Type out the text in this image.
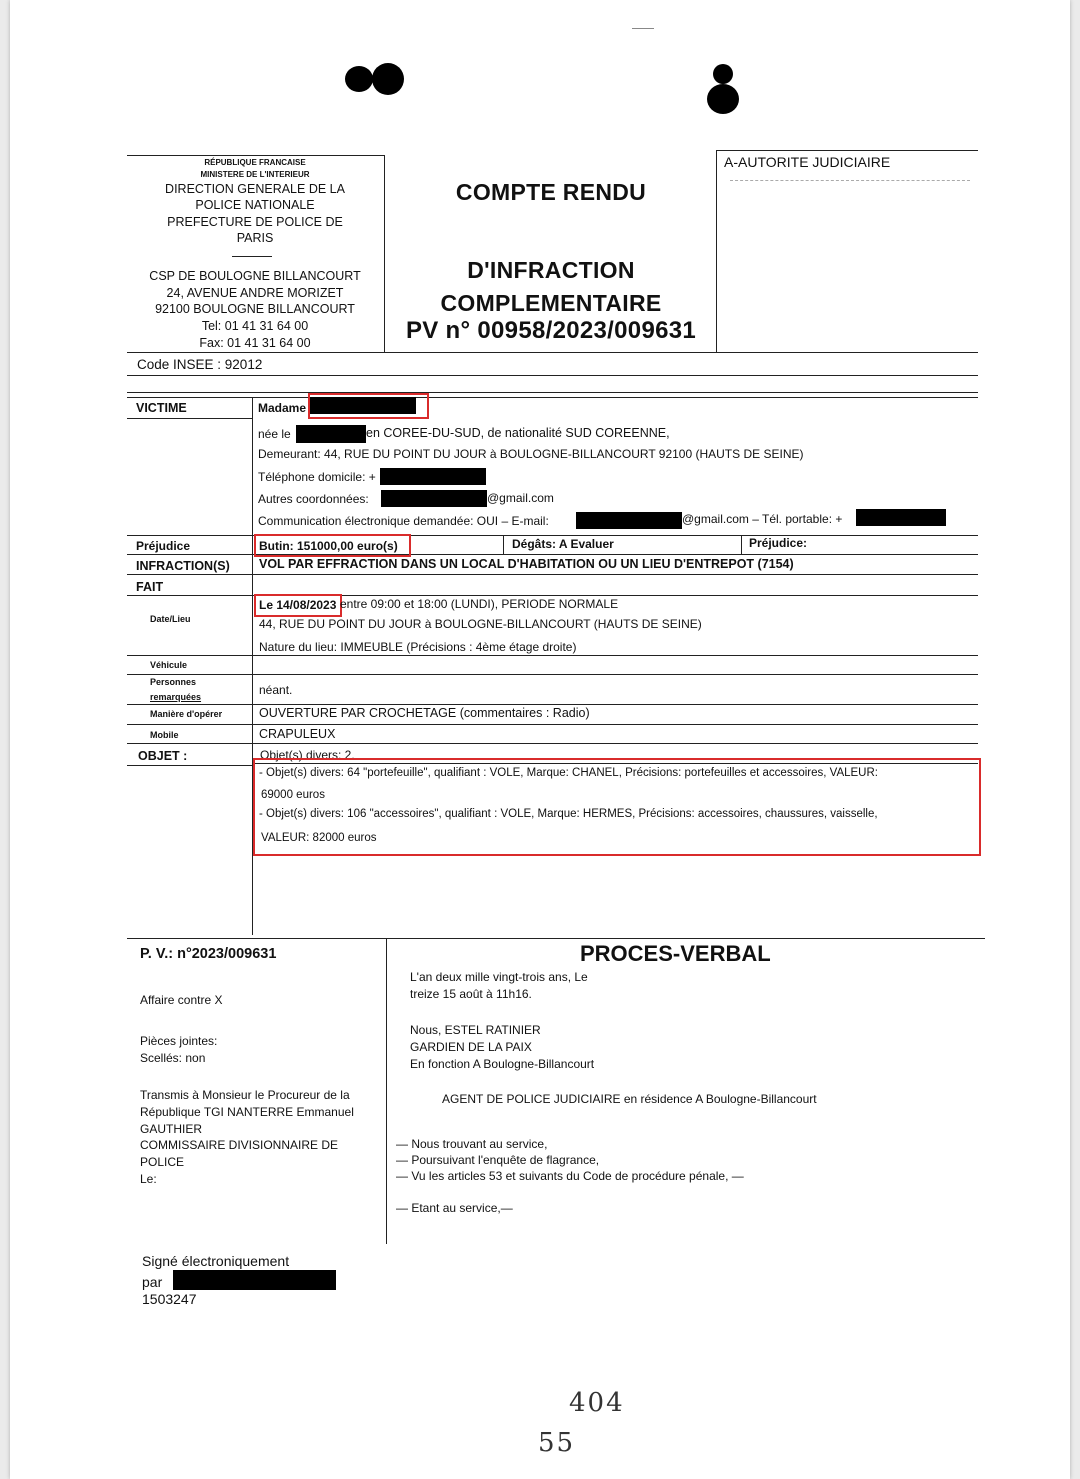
RÉPUBLIQUE FRANCAISE
MINISTERE DE L'INTERIEUR
DIRECTION GENERALE DE LA
POLICE NATIONALE
PREFECTURE DE POLICE DE
PARIS
CSP DE BOULOGNE BILLANCOURT
24, AVENUE ANDRE MORIZET
92100 BOULOGNE BILLANCOURT
Tel: 01 41 31 64 00
Fax: 01 41 31 64 00
Code INSEE : 92012
COMPTE RENDU
D'INFRACTION
COMPLEMENTAIRE
PV n° 00958/2023/009631
A-AUTORITE JUDICIAIRE
VICTIME	Madame
née le	en COREE-DU-SUD, de nationalité SUD COREENNE,
Demeurant: 44, RUE DU POINT DU JOUR à BOULOGNE-BILLANCOURT 92100 (HAUTS DE SEINE)
Téléphone domicile: +
Autres coordonnées:	@gmail.com
Communication électronique demandée: OUI – E-mail:	@gmail.com – Tél. portable: +
Préjudice	Butin: 151000,00 euro(s)	Dégâts: A Evaluer	Préjudice:
INFRACTION(S) VOL PAR EFFRACTION DANS UN LOCAL D'HABITATION OU UN LIEU D'ENTREPOT (7154)
FAIT
Date/Lieu
Le 14/08/2023 entre 09:00 et 18:00 (LUNDI), PERIODE NORMALE
44, RUE DU POINT DU JOUR à BOULOGNE-BILLANCOURT (HAUTS DE SEINE)
Nature du lieu: IMMEUBLE (Précisions : 4ème étage droite)
Véhicule
Personnes
remarquées	néant.
Manière d'opérer	OUVERTURE PAR CROCHETAGE (commentaires : Radio)
Mobile	CRAPULEUX
OBJET :	Objet(s) divers: 2.
- Objet(s) divers: 64 "portefeuille", qualifiant : VOLE, Marque: CHANEL, Précisions: portefeuilles et accessoires, VALEUR:
69000 euros
- Objet(s) divers: 106 "accessoires", qualifiant : VOLE, Marque: HERMES, Précisions: accessoires, chaussures, vaisselle,
VALEUR: 82000 euros
P. V.: n°2023/009631
Affaire contre X
Pièces jointes:
Scellés: non
Transmis à Monsieur le Procureur de la
République TGI NANTERRE Emmanuel
GAUTHIER
COMMISSAIRE DIVISIONNAIRE DE
POLICE
Le:
Signé électroniquement
par
1503247
PROCES-VERBAL
L'an deux mille vingt-trois ans, Le
treize 15 août à 11h16.
Nous, ESTEL RATINIER
GARDIEN DE LA PAIX
En fonction A Boulogne-Billancourt
AGENT DE POLICE JUDICIAIRE en résidence A Boulogne-Billancourt
— Nous trouvant au service,
— Poursuivant l'enquête de flagrance,
— Vu les articles 53 et suivants du Code de procédure pénale, —
— Etant au service,—
404
55
